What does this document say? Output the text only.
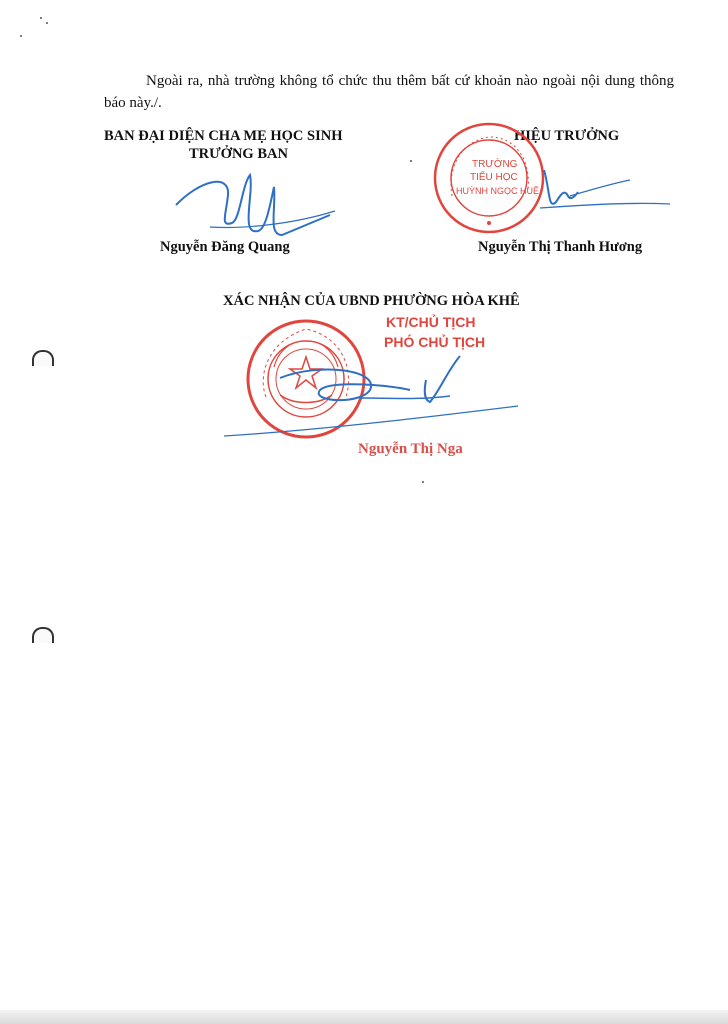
Ngoài ra, nhà trường không tổ chức thu thêm bất cứ khoản nào ngoài nội dung thông báo này./.
BAN ĐẠI DIỆN CHA MẸ HỌC SINH
TRƯỞNG BAN
Nguyễn Đăng Quang
HIỆU TRƯỞNG
TRƯỜNG
TIỂU HỌC
HUỲNH NGỌC HUỆ
Nguyễn Thị Thanh Hương
XÁC NHẬN CỦA UBND PHƯỜNG HÒA KHÊ
KT/CHỦ TỊCH
PHÓ CHỦ TỊCH
Nguyễn Thị Nga
